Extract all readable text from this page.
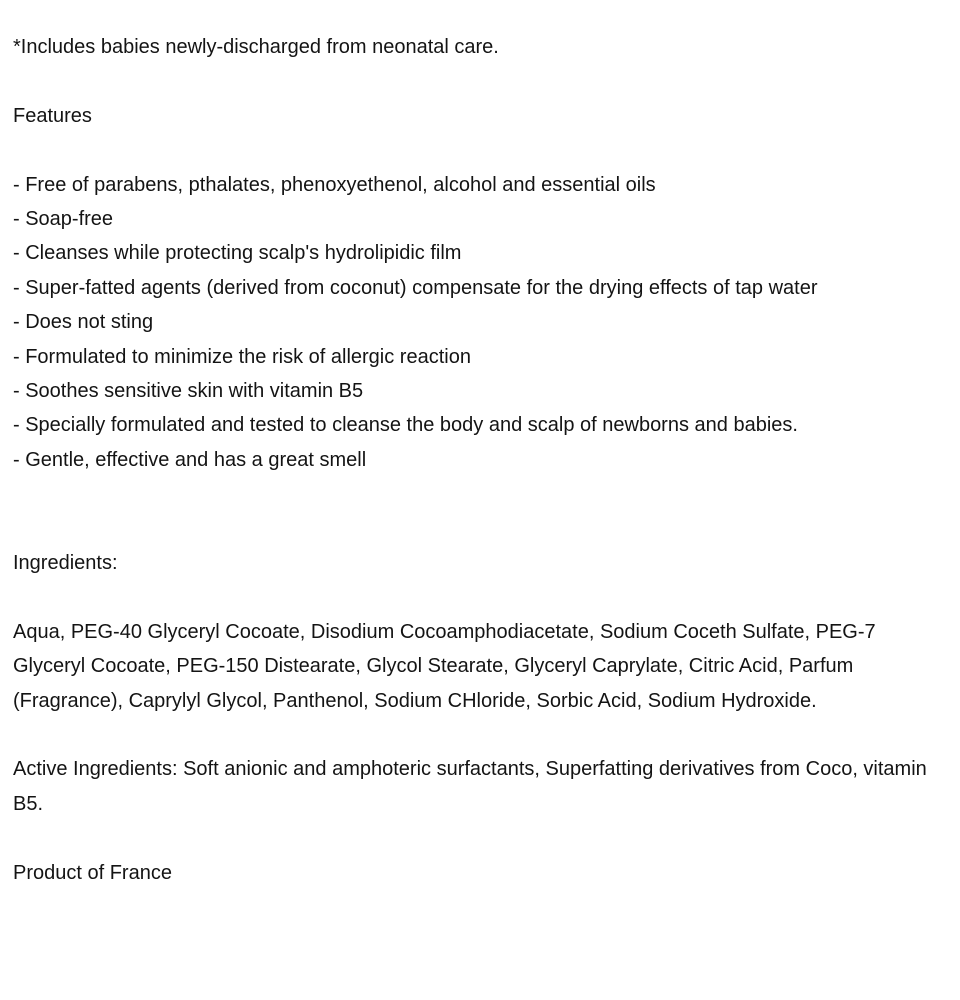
*Includes babies newly-discharged from neonatal care.

Features

- Free of parabens, pthalates, phenoxyethenol, alcohol and essential oils
- Soap-free
- Cleanses while protecting scalp's hydrolipidic film
- Super-fatted agents (derived from coconut) compensate for the drying effects of tap water
- Does not sting
- Formulated to minimize the risk of allergic reaction
- Soothes sensitive skin with vitamin B5
- Specially formulated and tested to cleanse the body and scalp of newborns and babies.
- Gentle, effective and has a great smell

Ingredients:

Aqua, PEG-40 Glyceryl Cocoate, Disodium Cocoamphodiacetate, Sodium Coceth Sulfate, PEG-7 Glyceryl Cocoate, PEG-150 Distearate, Glycol Stearate, Glyceryl Caprylate, Citric Acid, Parfum (Fragrance), Caprylyl Glycol, Panthenol, Sodium CHloride, Sorbic Acid, Sodium Hydroxide.

Active Ingredients: Soft anionic and amphoteric surfactants, Superfatting derivatives from Coco, vitamin B5.

Product of France
